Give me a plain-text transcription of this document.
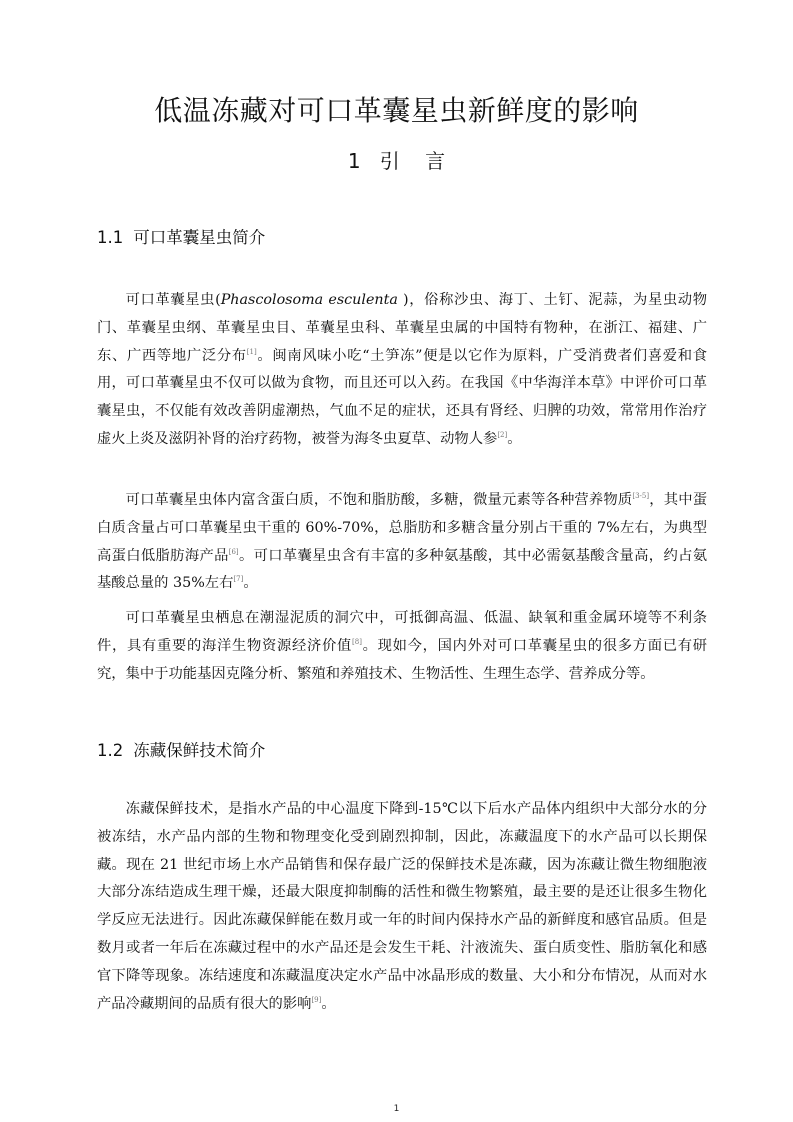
低温冻藏对可口革囊星虫新鲜度的影响
1 引    言
1.1 可口革囊星虫简介

可口革囊星虫(Phascolosoma esculenta )，俗称沙虫、海丁、土钉、泥蒜，为星虫动物门、革囊星虫纲、革囊星虫目、革囊星虫科、革囊星虫属的中国特有物种，在浙江、福建、广东、广西等地广泛分布[1]。闽南风味小吃“土笋冻”便是以它作为原料，广受消费者们喜爱和食用，可口革囊星虫不仅可以做为食物，而且还可以入药。在我国《中华海洋本草》中评价可口革囊星虫，不仅能有效改善阴虚潮热，气血不足的症状，还具有肾经、归脾的功效，常常用作治疗虚火上炎及滋阴补肾的治疗药物，被誉为海冬虫夏草、动物人参[2]。

可口革囊星虫体内富含蛋白质，不饱和脂肪酸，多糖，微量元素等各种营养物质[3-5]，其中蛋白质含量占可口革囊星虫干重的 60%-70%，总脂肪和多糖含量分别占干重的 7%左右，为典型高蛋白低脂肪海产品[6]。可口革囊星虫含有丰富的多种氨基酸，其中必需氨基酸含量高，约占氨基酸总量的 35%左右[7]。

可口革囊星虫栖息在潮湿泥质的洞穴中，可抵御高温、低温、缺氧和重金属环境等不利条件，具有重要的海洋生物资源经济价值[8]。现如今，国内外对可口革囊星虫的很多方面已有研究，集中于功能基因克隆分析、繁殖和养殖技术、生物活性、生理生态学、营养成分等。

1.2 冻藏保鲜技术简介

冻藏保鲜技术，是指水产品的中心温度下降到-15℃以下后水产品体内组织中大部分水的分被冻结，水产品内部的生物和物理变化受到剧烈抑制，因此，冻藏温度下的水产品可以长期保藏。现在 21 世纪市场上水产品销售和保存最广泛的保鲜技术是冻藏，因为冻藏让微生物细胞液大部分冻结造成生理干燥，还最大限度抑制酶的活性和微生物繁殖，最主要的是还让很多生物化学反应无法进行。因此冻藏保鲜能在数月或一年的时间内保持水产品的新鲜度和感官品质。但是数月或者一年后在冻藏过程中的水产品还是会发生干耗、汁液流失、蛋白质变性、脂肪氧化和感官下降等现象。冻结速度和冻藏温度决定水产品中冰晶形成的数量、大小和分布情况，从而对水产品冷藏期间的品质有很大的影响[9]。

1
